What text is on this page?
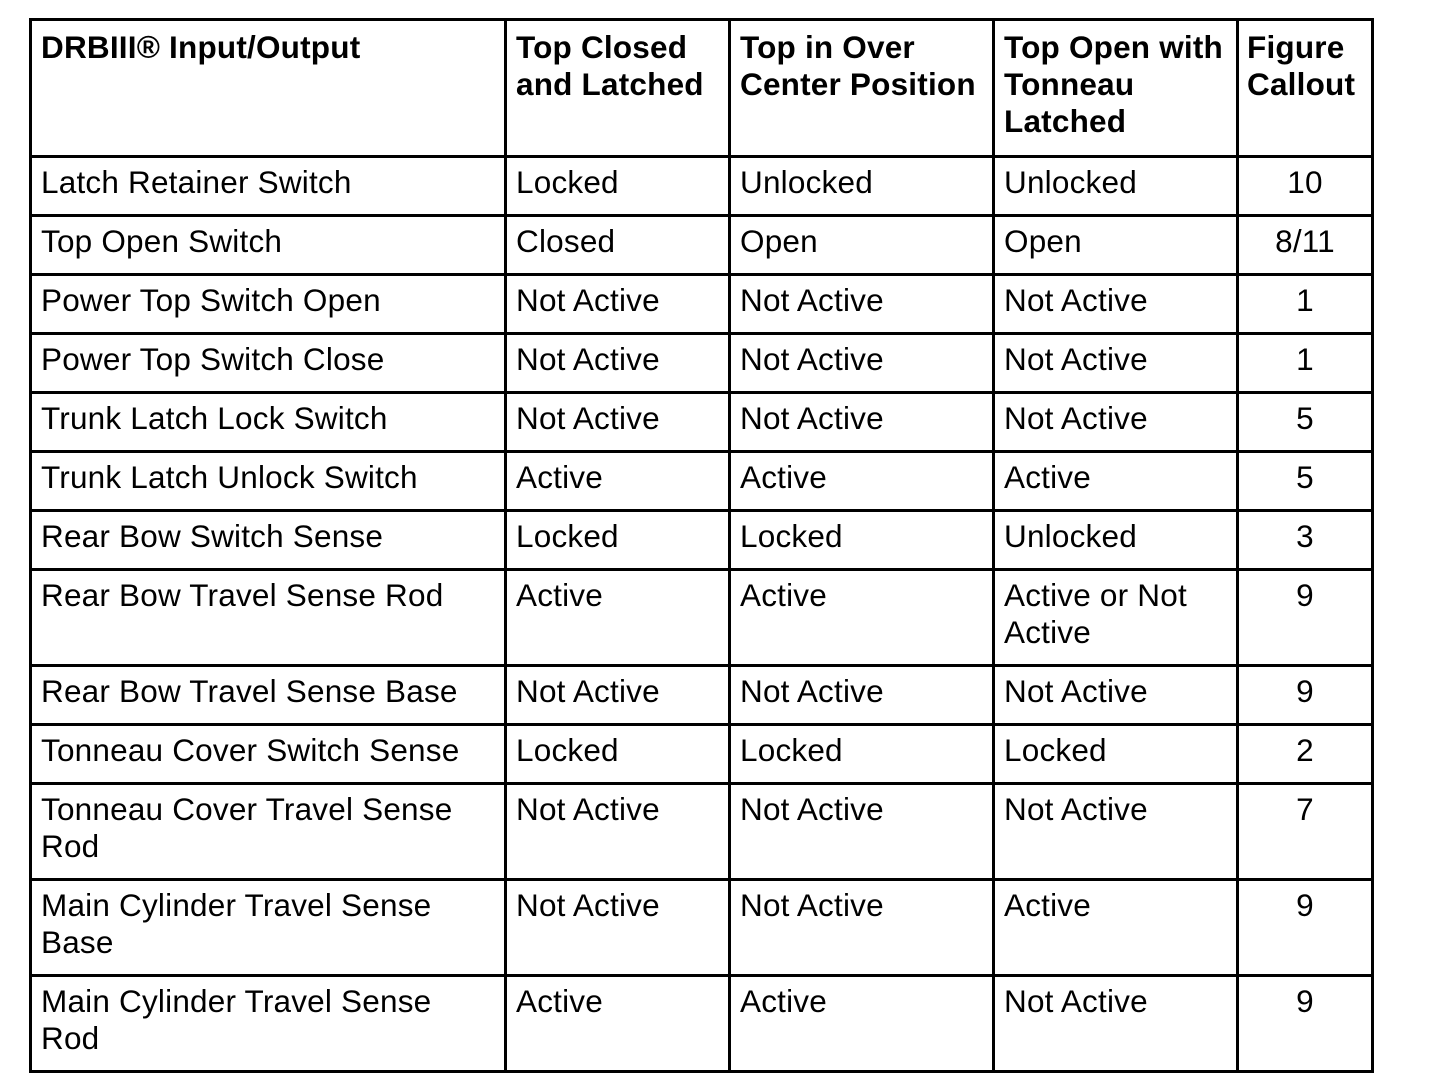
DRBIII® Input/Output	Top Closed and Latched	Top in Over Center Position	Top Open with Tonneau Latched	Figure Callout
Latch Retainer Switch	Locked	Unlocked	Unlocked	10
Top Open Switch	Closed	Open	Open	8/11
Power Top Switch Open	Not Active	Not Active	Not Active	1
Power Top Switch Close	Not Active	Not Active	Not Active	1
Trunk Latch Lock Switch	Not Active	Not Active	Not Active	5
Trunk Latch Unlock Switch	Active	Active	Active	5
Rear Bow Switch Sense	Locked	Locked	Unlocked	3
Rear Bow Travel Sense Rod	Active	Active	Active or Not Active	9
Rear Bow Travel Sense Base	Not Active	Not Active	Not Active	9
Tonneau Cover Switch Sense	Locked	Locked	Locked	2
Tonneau Cover Travel Sense Rod	Not Active	Not Active	Not Active	7
Main Cylinder Travel Sense Base	Not Active	Not Active	Active	9
Main Cylinder Travel Sense Rod	Active	Active	Not Active	9
